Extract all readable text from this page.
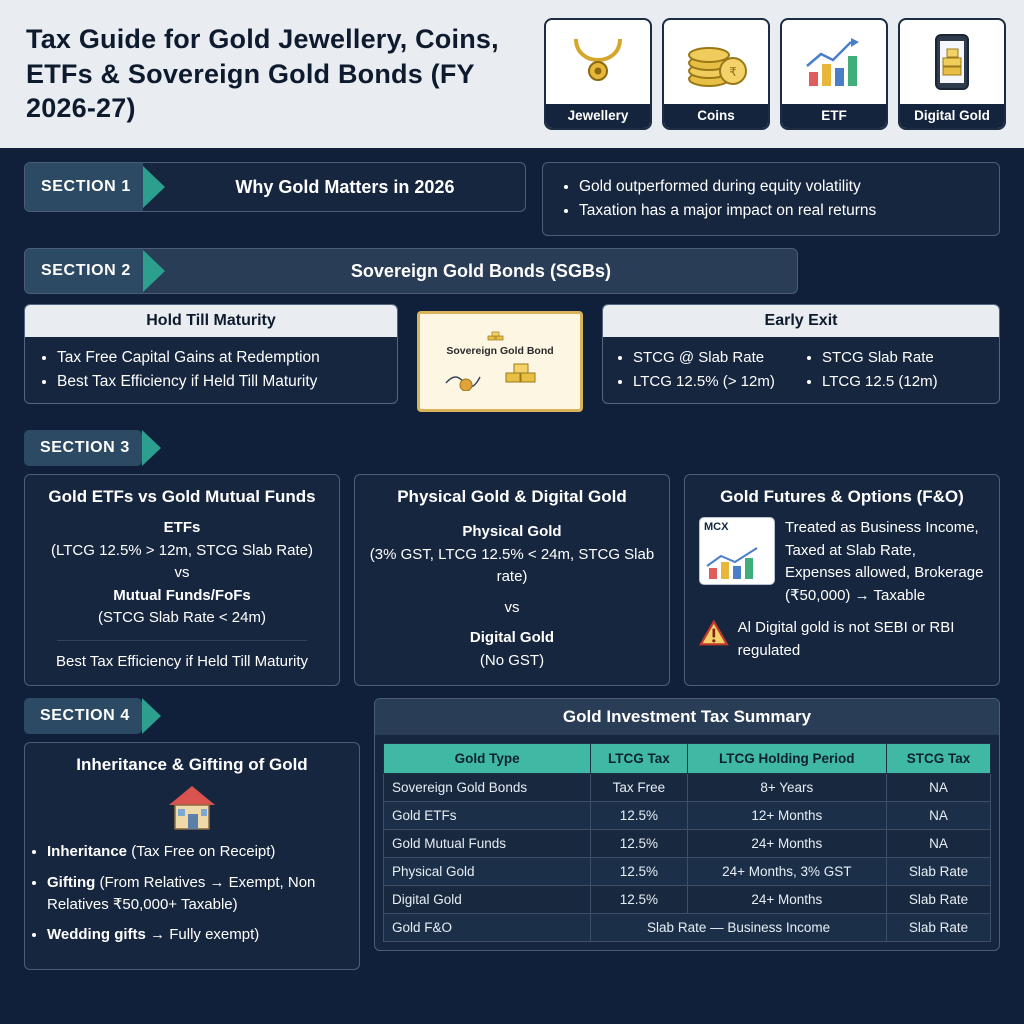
Tax Guide for Gold Jewellery, Coins, ETFs & Sovereign Gold Bonds (FY 2026-27)	Jewellery
₹
Coins	ETF	Digital Gold
SECTION 1	Why Gold Matters in 2026	• Gold outperformed during equity volatility
• Taxation has a major impact on real returns
SECTION 2	Sovereign Gold Bonds (SGBs)
Hold Till Maturity
• Tax Free Capital Gains at Redemption
• Best Tax Efficiency if Held Till Maturity
Sovereign Gold Bond
Early Exit
• STCG @ Slab Rate
• LTCG 12.5% (> 12m)
• STCG Slab Rate
• LTCG 12.5 (12m)
SECTION 3
Gold ETFs vs Gold Mutual Funds
ETFs
(LTCG 12.5% > 12m, STCG Slab Rate)
vs
Mutual Funds/FoFs
(STCG Slab Rate < 24m)
Best Tax Efficiency if Held Till Maturity
Physical Gold & Digital Gold
Physical Gold
(3% GST, LTCG 12.5% < 24m, STCG Slab rate)
vs
Digital Gold
(No GST)
Gold Futures & Options (F&O)
MCX	Treated as Business Income, Taxed at Slab Rate, Expenses allowed, Brokerage (₹50,000) → Taxable
Al Digital gold is not SEBI or RBI regulated
SECTION 4
Inheritance & Gifting of Gold
• Inheritance (Tax Free on Receipt)
• Gifting (From Relatives → Exempt, Non Relatives ₹50,000+ Taxable)
• Wedding gifts → Fully exempt)
Gold Investment Tax Summary
Gold Type	LTCG Tax	LTCG Holding Period	STCG Tax
Sovereign Gold Bonds	Tax Free	8+ Years	NA
Gold ETFs	12.5%	12+ Months	NA
Gold Mutual Funds	12.5%	24+ Months	NA
Physical Gold	12.5%	24+ Months, 3% GST	Slab Rate
Digital Gold	12.5%	24+ Months	Slab Rate
Gold F&O	Slab Rate — Business Income		Slab Rate
